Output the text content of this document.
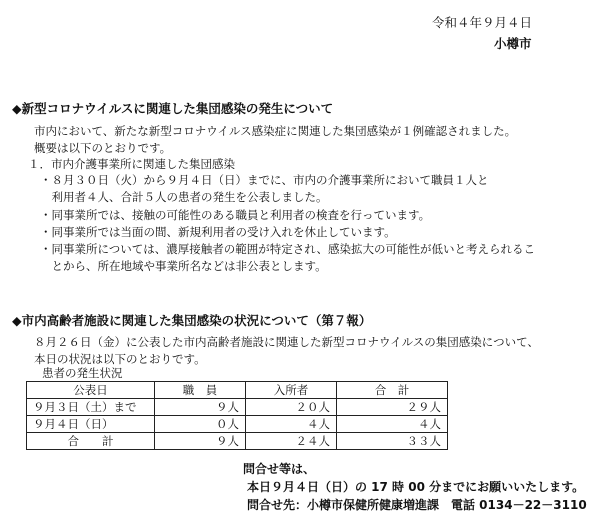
令和４年９月４日
小樽市
◆新型コロナウイルスに関連した集団感染の発生について
市内において、新たな新型コロナウイルス感染症に関連した集団感染が１例確認されました。
概要は以下のとおりです。
１．市内介護事業所に関連した集団感染
・８月３０日（火）から９月４日（日）までに、市内の介護事業所において職員１人と
　利用者４人、合計５人の患者の発生を公表しました。
・同事業所では、接触の可能性のある職員と利用者の検査を行っています。
・同事業所では当面の間、新規利用者の受け入れを休止しています。
・同事業所については、濃厚接触者の範囲が特定され、感染拡大の可能性が低いと考えられるこ
　とから、所在地域や事業所名などは非公表とします。
◆市内高齢者施設に関連した集団感染の状況について（第７報）
８月２６日（金）に公表した市内高齢者施設に関連した新型コロナウイルスの集団感染について、
本日の状況は以下のとおりです。
患者の発生状況
公表日	職　員	入所者	合　計
９月３日（土）まで	９人	２０人	２９人
９月４日（日）	０人	４人	４人
合　　計	９人	２４人	３３人
問合せ等は、
本日９月４日（日）の 17 時 00 分までにお願いいたします。
問合せ先：小樽市保健所健康増進課　電話 0134－22－3110
